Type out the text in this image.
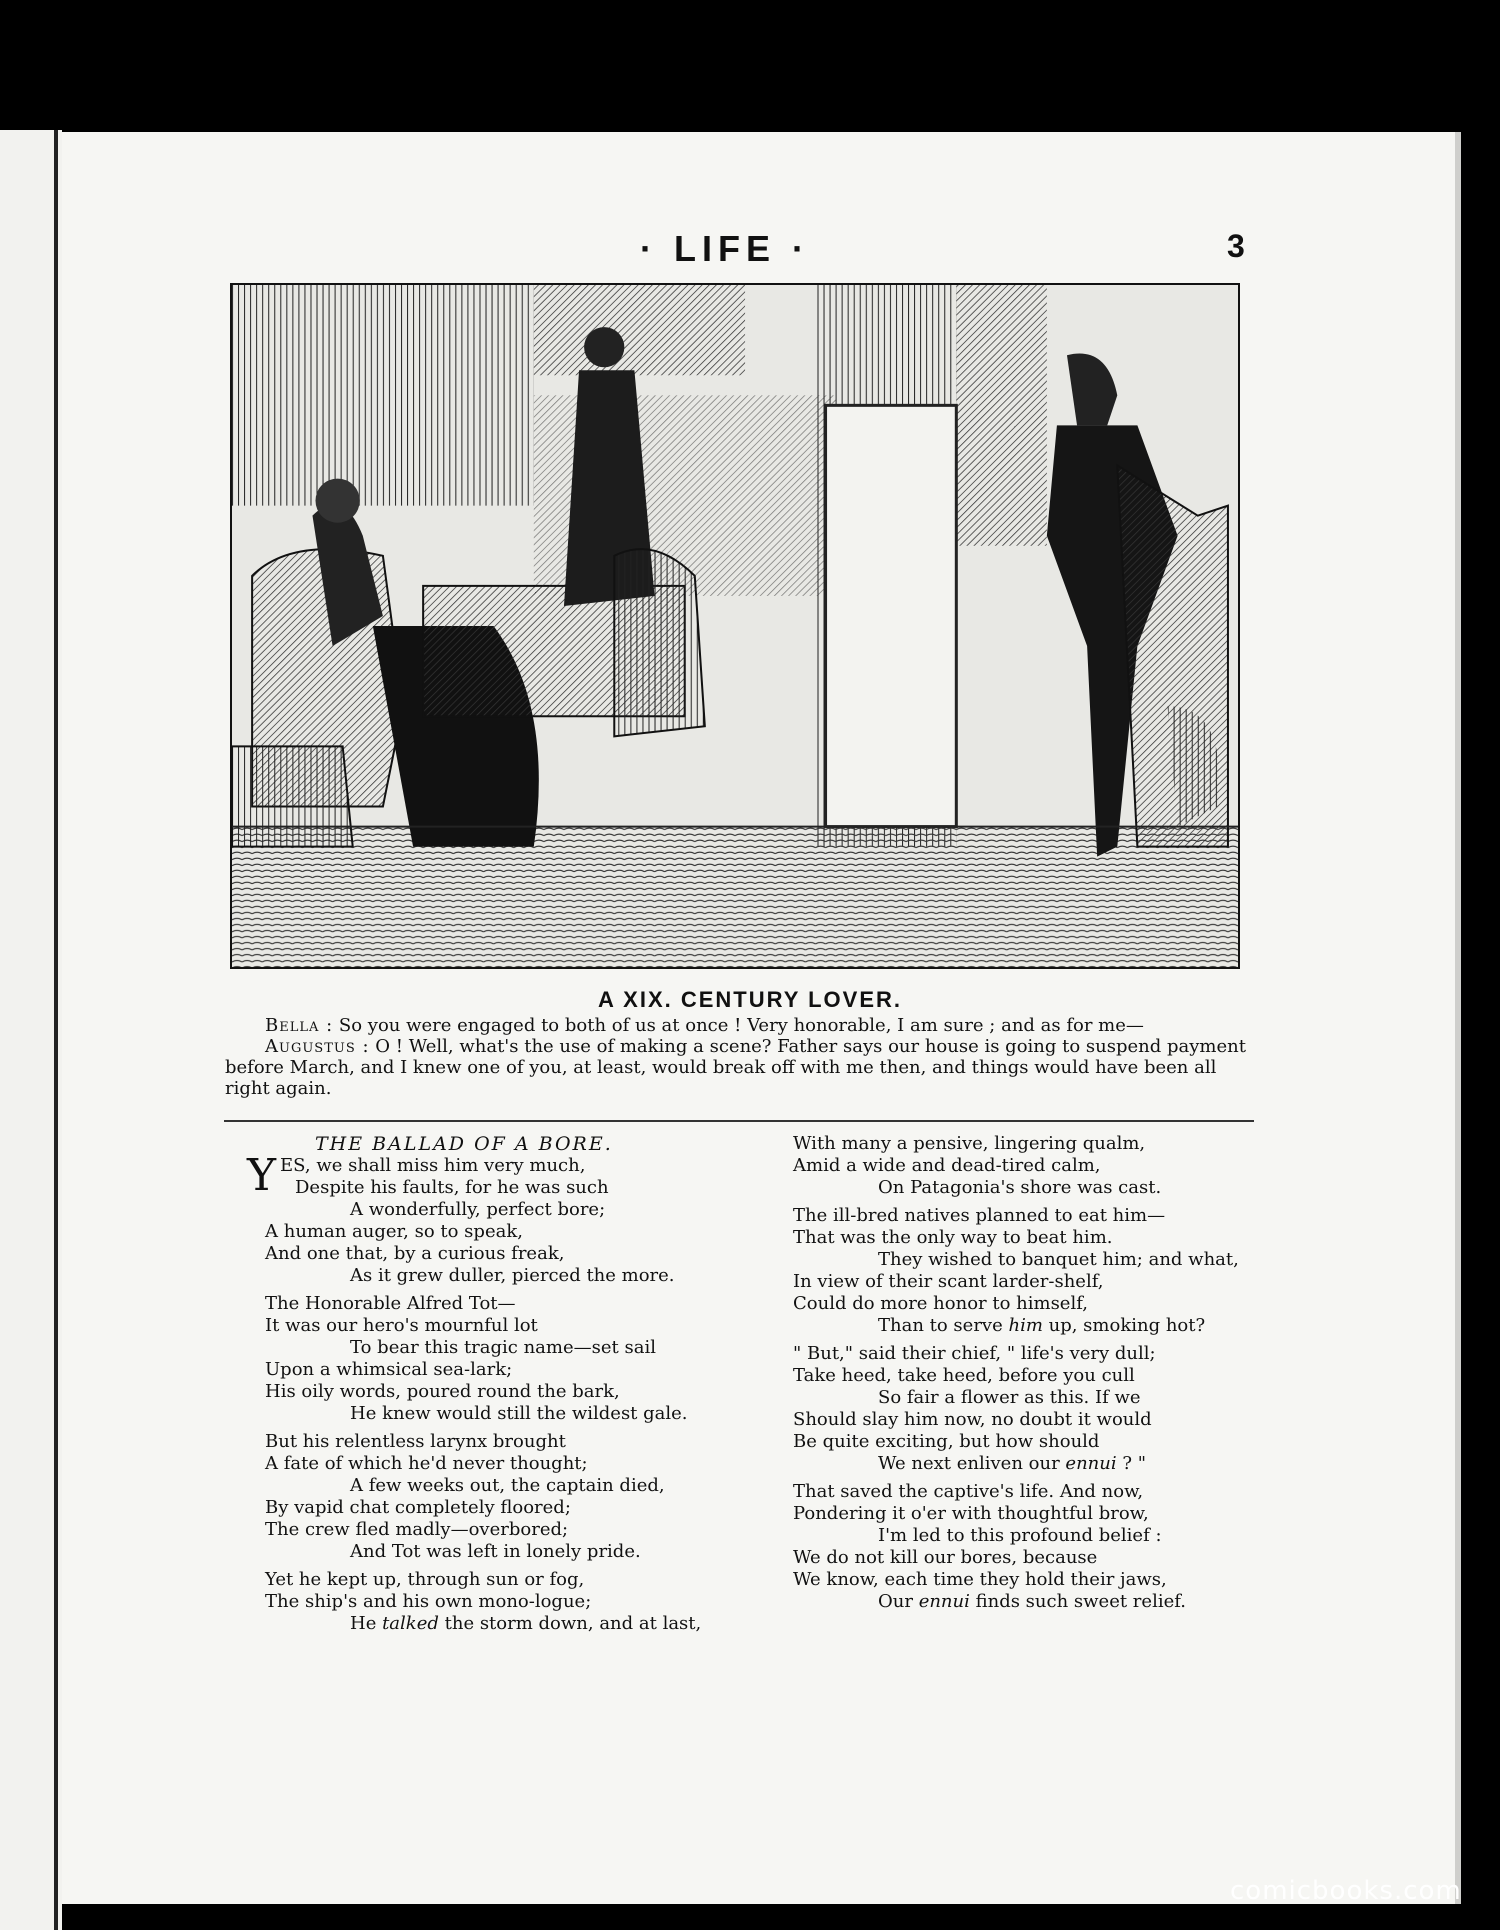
· LIFE ·	3
A XIX. CENTURY LOVER.

Bella : So you were engaged to both of us at once ! Very honorable, I am sure ; and as for me—

Augustus : O ! Well, what's the use of making a scene? Father says our house is going to suspend payment before March, and I knew one of you, at least, would break off with me then, and things would have been all right again.

THE BALLAD OF A BORE.
YES, we shall miss him very much,
Despite his faults, for he was such
A wonderfully, perfect bore;
A human auger, so to speak,
And one that, by a curious freak,
As it grew duller, pierced the more.
The Honorable Alfred Tot—
It was our hero's mournful lot
To bear this tragic name—set sail
Upon a whimsical sea-lark;
His oily words, poured round the bark,
He knew would still the wildest gale.
But his relentless larynx brought
A fate of which he'd never thought;
A few weeks out, the captain died,
By vapid chat completely floored;
The crew fled madly—overbored;
And Tot was left in lonely pride.
Yet he kept up, through sun or fog,
The ship's and his own mono-logue;
He talked the storm down, and at last,
With many a pensive, lingering qualm,
Amid a wide and dead-tired calm,
On Patagonia's shore was cast.
The ill-bred natives planned to eat him—
That was the only way to beat him.
They wished to banquet him; and what,
In view of their scant larder-shelf,
Could do more honor to himself,
Than to serve him up, smoking hot?
" But," said their chief, " life's very dull;
Take heed, take heed, before you cull
So fair a flower as this. If we
Should slay him now, no doubt it would
Be quite exciting, but how should
We next enliven our ennui ? "
That saved the captive's life. And now,
Pondering it o'er with thoughtful brow,
I'm led to this profound belief :
We do not kill our bores, because
We know, each time they hold their jaws,
Our ennui finds such sweet relief.
comicbooks.com
